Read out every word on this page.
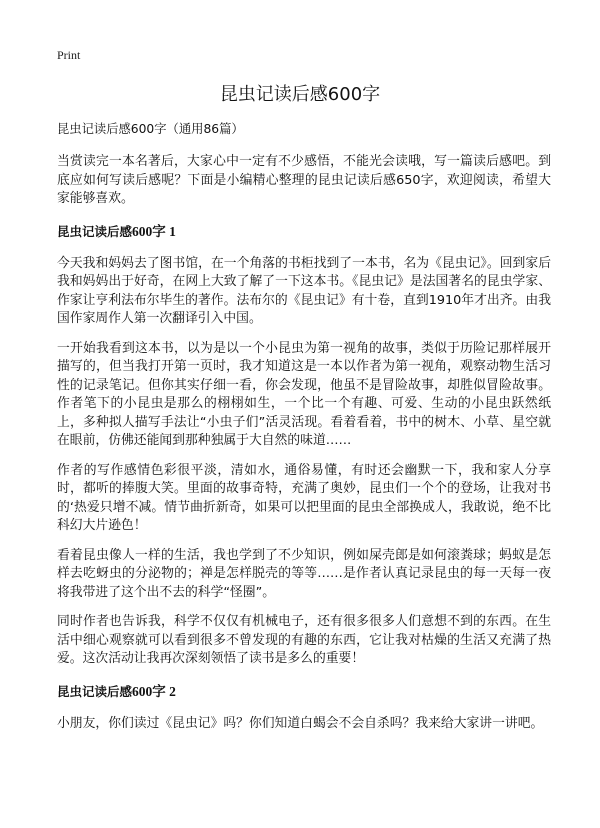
Print
昆虫记读后感600字
昆虫记读后感600字（通用86篇）

当赏读完一本名著后，大家心中一定有不少感悟，不能光会读哦，写一篇读后感吧。到底应如何写读后感呢？下面是小编精心整理的昆虫记读后感650字，欢迎阅读，希望大家能够喜欢。

昆虫记读后感600字 1

今天我和妈妈去了图书馆，在一个角落的书柜找到了一本书，名为《昆虫记》。回到家后我和妈妈出于好奇，在网上大致了解了一下这本书。《昆虫记》是法国著名的昆虫学家、作家让亨利法布尔毕生的著作。法布尔的《昆虫记》有十卷，直到1910年才出齐。由我国作家周作人第一次翻译引入中国。

一开始我看到这本书，以为是以一个小昆虫为第一视角的故事，类似于历险记那样展开描写的，但当我打开第一页时，我才知道这是一本以作者为第一视角，观察动物生活习性的记录笔记。但你其实仔细一看，你会发现，他虽不是冒险故事，却胜似冒险故事。作者笔下的小昆虫是那么的栩栩如生，一个比一个有趣、可爱、生动的小昆虫跃然纸上，多种拟人描写手法让“小虫子们”活灵活现。看着看着，书中的树木、小草、星空就在眼前，仿佛还能闻到那种独属于大自然的味道……

作者的写作感情色彩很平淡，清如水，通俗易懂，有时还会幽默一下，我和家人分享时，都听的捧腹大笑。里面的故事奇特，充满了奥妙，昆虫们一个个的登场，让我对书的‘热爱只增不减。情节曲折新奇，如果可以把里面的昆虫全部换成人，我敢说，绝不比科幻大片逊色！

看着昆虫像人一样的生活，我也学到了不少知识，例如屎壳郎是如何滚粪球；蚂蚁是怎样去吃蚜虫的分泌物的；禅是怎样脱壳的等等……是作者认真记录昆虫的每一天每一夜将我带进了这个出不去的科学“怪圈”。

同时作者也告诉我，科学不仅仅有机械电子，还有很多很多人们意想不到的东西。在生活中细心观察就可以看到很多不曾发现的有趣的东西，它让我对枯燥的生活又充满了热爱。这次活动让我再次深刻领悟了读书是多么的重要！

昆虫记读后感600字 2

小朋友，你们读过《昆虫记》吗？你们知道白蝎会不会自杀吗？我来给大家讲一讲吧。
